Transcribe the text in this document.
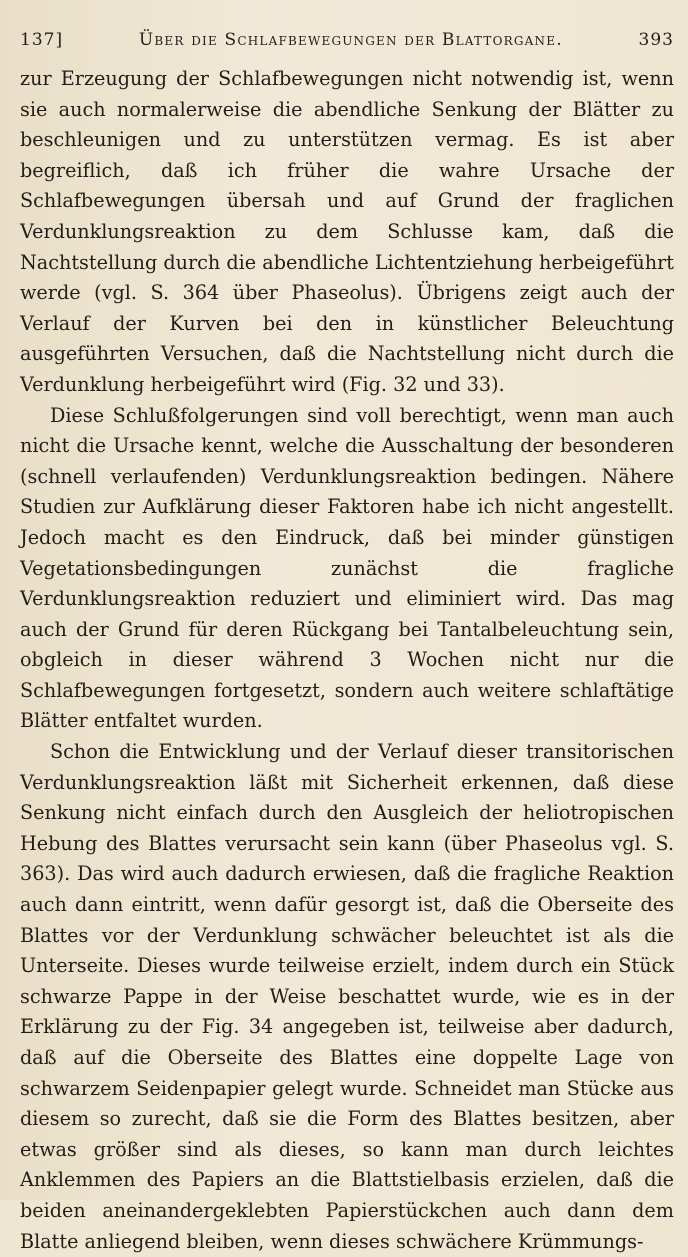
137]	Über die Schlafbewegungen der Blattorgane.	393

zur Erzeugung der Schlafbewegungen nicht notwendig ist, wenn sie auch normalerweise die abendliche Senkung der Blätter zu beschleunigen und zu unterstützen vermag. Es ist aber begreiflich, daß ich früher die wahre Ursache der Schlafbewegungen übersah und auf Grund der fraglichen Verdunklungsreaktion zu dem Schlusse kam, daß die Nachtstellung durch die abendliche Lichtentziehung herbeigeführt werde (vgl. S. 364 über Phaseolus). Übrigens zeigt auch der Verlauf der Kurven bei den in künstlicher Beleuchtung ausgeführten Versuchen, daß die Nachtstellung nicht durch die Verdunklung herbeigeführt wird (Fig. 32 und 33).

Diese Schlußfolgerungen sind voll berechtigt, wenn man auch nicht die Ursache kennt, welche die Ausschaltung der besonderen (schnell verlaufenden) Verdunklungsreaktion bedingen. Nähere Studien zur Aufklärung dieser Faktoren habe ich nicht angestellt. Jedoch macht es den Eindruck, daß bei minder günstigen Vegetationsbedingungen zunächst die fragliche Verdunklungsreaktion reduziert und eliminiert wird. Das mag auch der Grund für deren Rückgang bei Tantalbeleuchtung sein, obgleich in dieser während 3 Wochen nicht nur die Schlafbewegungen fortgesetzt, sondern auch weitere schlaftätige Blätter entfaltet wurden.

Schon die Entwicklung und der Verlauf dieser transitorischen Verdunklungsreaktion läßt mit Sicherheit erkennen, daß diese Senkung nicht einfach durch den Ausgleich der heliotropischen Hebung des Blattes verursacht sein kann (über Phaseolus vgl. S. 363). Das wird auch dadurch erwiesen, daß die fragliche Reaktion auch dann eintritt, wenn dafür gesorgt ist, daß die Oberseite des Blattes vor der Verdunklung schwächer beleuchtet ist als die Unterseite. Dieses wurde teilweise erzielt, indem durch ein Stück schwarze Pappe in der Weise beschattet wurde, wie es in der Erklärung zu der Fig. 34 angegeben ist, teilweise aber dadurch, daß auf die Oberseite des Blattes eine doppelte Lage von schwarzem Seidenpapier gelegt wurde. Schneidet man Stücke aus diesem so zurecht, daß sie die Form des Blattes besitzen, aber etwas größer sind als dieses, so kann man durch leichtes Anklemmen des Papiers an die Blattstielbasis erzielen, daß die beiden aneinandergeklebten Papierstückchen auch dann dem Blatte anliegend bleiben, wenn dieses schwächere Krümmungs-
